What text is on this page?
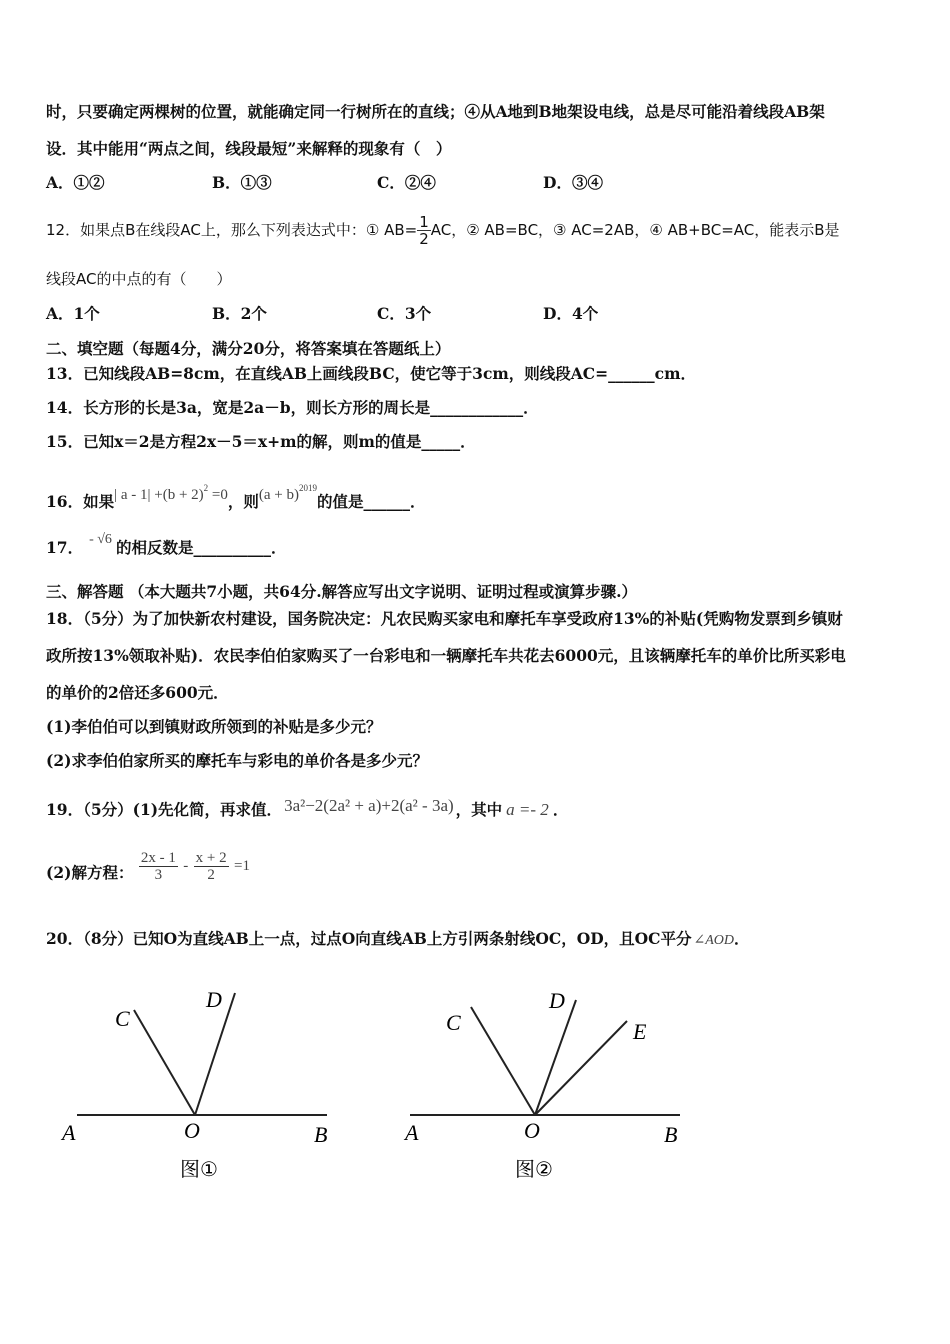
时，只要确定两棵树的位置，就能确定同一行树所在的直线；④从A地到B地架设电线，总是尽可能沿着线段AB架
设．其中能用“两点之间，线段最短”来解释的现象有（　）
A．①②	B．①③	C．②④	D．③④
12．如果点B在线段AC上，那么下列表达式中：① $AB= \frac{1}{2}$ AC，② AB=BC，③ AC=2AB，④ AB+BC=AC，能表示B是
线段AC的中点的有（　　）
A．1个	B．2个	C．3个	D．4个
二、填空题（每题4分，满分20分，将答案填在答题纸上）
13．已知线段AB=8cm，在直线AB上画线段BC，使它等于3cm，则线段AC=______cm．
14．长方形的长是3a，宽是2a－b，则长方形的周长是____________．
15．已知x＝2是方程2x－5＝x+m的解，则m的值是_____．
16．如果| $a - 1| +(b + 2)^2 =0$，则$(a + b)^{2019}$的值是______．
17． - √6 的相反数是__________．
三、解答题 （本大题共7小题，共64分.解答应写出文字说明、证明过程或演算步骤.）
18．（5分）为了加快新农村建设，国务院决定：凡农民购买家电和摩托车享受政府13%的补贴(凭购物发票到乡镇财
政所按13%领取补贴)．农民李伯伯家购买了一台彩电和一辆摩托车共花去6000元，且该辆摩托车的单价比所买彩电
的单价的2倍还多600元．
(1)李伯伯可以到镇财政所领到的补贴是多少元？
(2)求李伯伯家所买的摩托车与彩电的单价各是多少元？
19．（5分）(1)先化简，再求值． 3a²−2(2a² + a)+2(a² - 3a) ，其中 a =- 2 ．
(2)解方程： $\frac{2x - 1}{3} - \frac{x + 2}{2} =1$
20．（8分）已知O为直线AB上一点，过点O向直线AB上方引两条射线OC，OD，且OC平分 ∠AOD．
A	O	B
C
D
图①
A	O	B
C
D
E
图②
